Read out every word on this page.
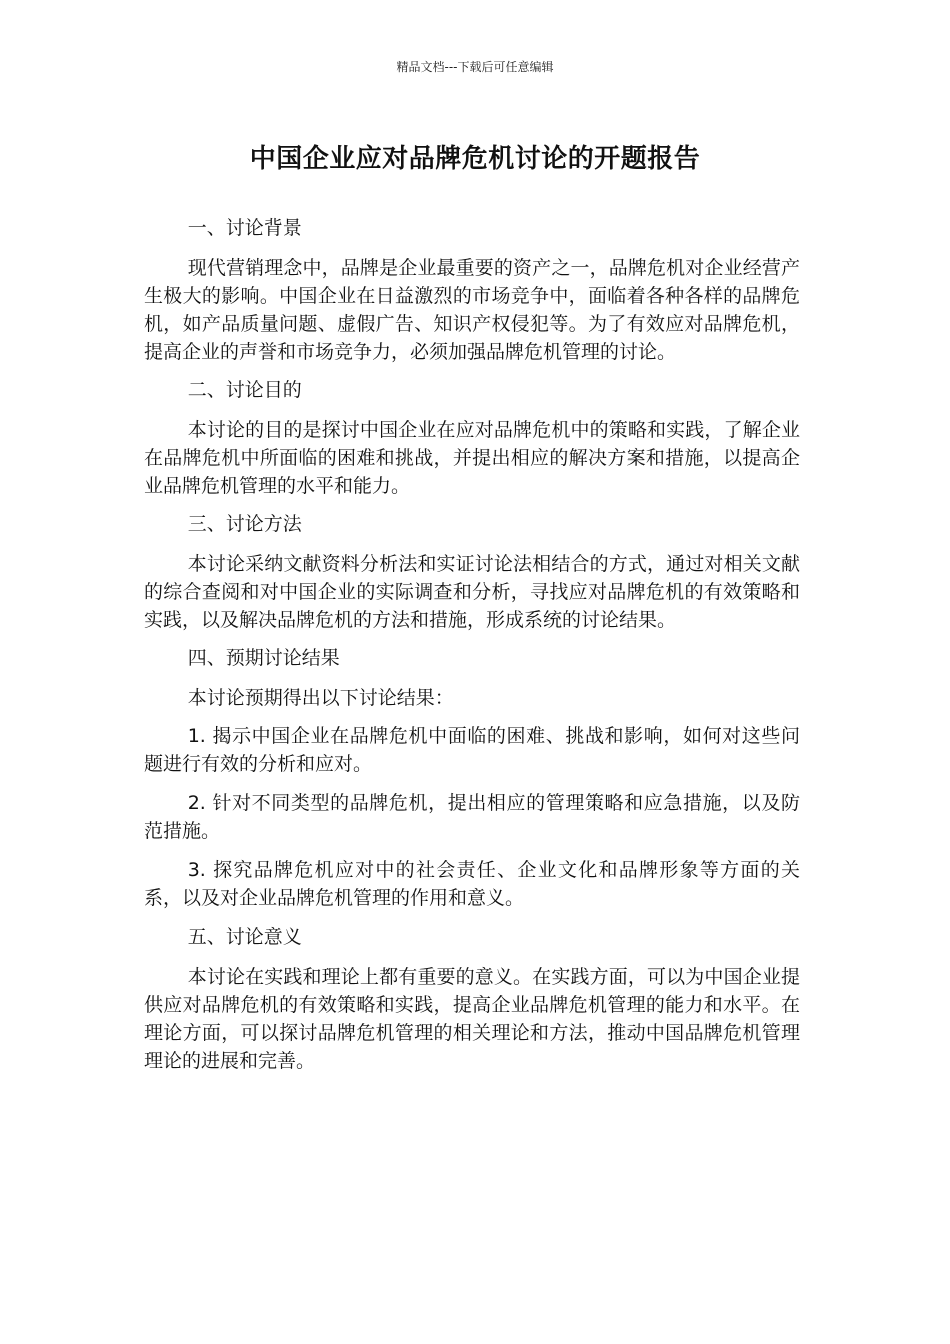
精品文档---下载后可任意编辑
中国企业应对品牌危机讨论的开题报告

一、讨论背景

现代营销理念中，品牌是企业最重要的资产之一，品牌危机对企业经营产生极大的影响。中国企业在日益激烈的市场竞争中，面临着各种各样的品牌危机，如产品质量问题、虚假广告、知识产权侵犯等。为了有效应对品牌危机，提高企业的声誉和市场竞争力，必须加强品牌危机管理的讨论。

二、讨论目的

本讨论的目的是探讨中国企业在应对品牌危机中的策略和实践，了解企业在品牌危机中所面临的困难和挑战，并提出相应的解决方案和措施，以提高企业品牌危机管理的水平和能力。

三、讨论方法

本讨论采纳文献资料分析法和实证讨论法相结合的方式，通过对相关文献的综合查阅和对中国企业的实际调查和分析，寻找应对品牌危机的有效策略和实践，以及解决品牌危机的方法和措施，形成系统的讨论结果。

四、预期讨论结果

本讨论预期得出以下讨论结果：

1. 揭示中国企业在品牌危机中面临的困难、挑战和影响，如何对这些问题进行有效的分析和应对。

2. 针对不同类型的品牌危机，提出相应的管理策略和应急措施，以及防范措施。

3. 探究品牌危机应对中的社会责任、企业文化和品牌形象等方面的关系，以及对企业品牌危机管理的作用和意义。

五、讨论意义

本讨论在实践和理论上都有重要的意义。在实践方面，可以为中国企业提供应对品牌危机的有效策略和实践，提高企业品牌危机管理的能力和水平。在理论方面，可以探讨品牌危机管理的相关理论和方法，推动中国品牌危机管理理论的进展和完善。
